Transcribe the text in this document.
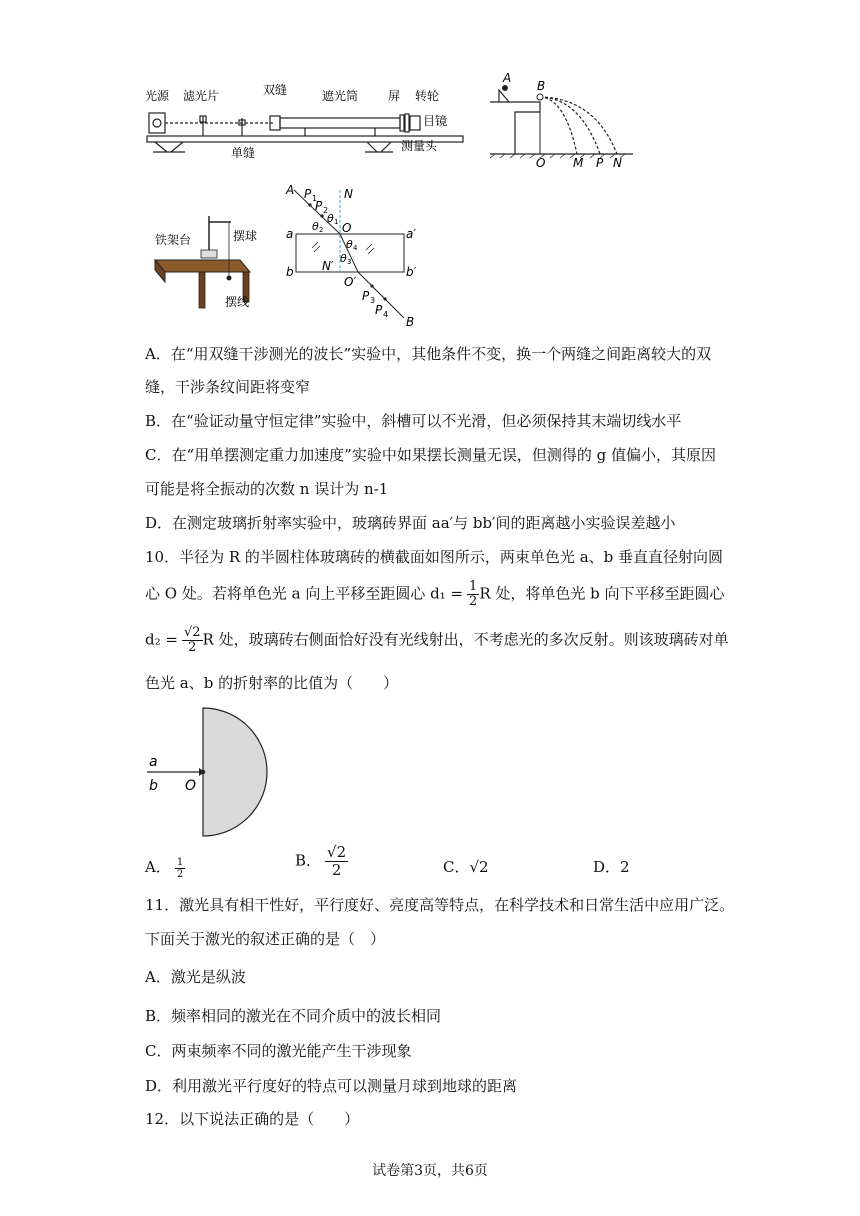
光源 滤光片	双缝	遮光筒 屏 转轮
目镜
单缝	测量头
A
B
O M P N
铁架台	摆球
摆线
A P 1
P 2
N
θ 1
θ 2 O
θ 4
θ 3
a	a′
b	b′
N′
O′
P 3
P 4
B
A．在“用双缝干涉测光的波长”实验中，其他条件不变，换一个两缝之间距离较大的双
缝，干涉条纹间距将变窄
B．在“验证动量守恒定律”实验中，斜槽可以不光滑，但必须保持其末端切线水平
C．在“用单摆测定重力加速度”实验中如果摆长测量无误，但测得的 g 值偏小，其原因
可能是将全振动的次数 n 误计为 n-1
D．在测定玻璃折射率实验中，玻璃砖界面 aa′与 bb′间的距离越小实验误差越小
10．半径为 R 的半圆柱体玻璃砖的横截面如图所示，两束单色光 a、b 垂直直径射向圆
心 O 处。若将单色光 a 向上平移至距圆心 $d_1 = \frac{1}{2}$ R 处，将单色光 b 向下平移至距圆心
$d_2 = \frac{√2}{2}$ R 处，玻璃砖右侧面恰好没有光线射出，不考虑光的多次反射。则该玻璃砖对单
色光 a、b 的折射率的比值为（　　）
a
b O
A． $\frac{1}{2}$	B． $\frac{√2}{2}$	C．√2	D．2
11．激光具有相干性好，平行度好、亮度高等特点，在科学技术和日常生活中应用广泛。
下面关于激光的叙述正确的是（　）
A．激光是纵波
B．频率相同的激光在不同介质中的波长相同
C．两束频率不同的激光能产生干涉现象
D．利用激光平行度好的特点可以测量月球到地球的距离
12．以下说法正确的是（　　）
试卷第3页，共6页
